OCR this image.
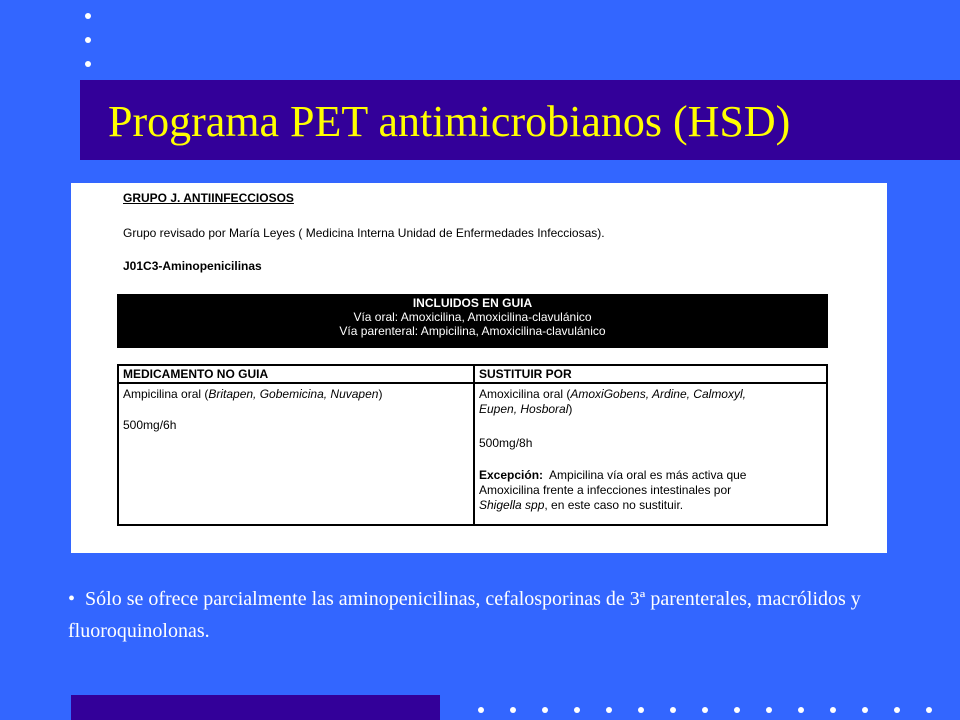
Programa PET antimicrobianos (HSD)
GRUPO J. ANTIINFECCIOSOS
Grupo revisado por María Leyes ( Medicina Interna Unidad de Enfermedades Infecciosas).
J01C3-Aminopenicilinas
INCLUIDOS EN GUIA
Vía oral: Amoxicilina, Amoxicilina-clavulánico
Vía parenteral: Ampicilina, Amoxicilina-clavulánico
MEDICAMENTO NO GUIA	SUSTITUIR POR
Ampicilina oral (Britapen, Gobemicina, Nuvapen)
500mg/6h
Amoxicilina oral (AmoxiGobens, Ardine, Calmoxyl,
Eupen, Hosboral)
500mg/8h
Excepción: Ampicilina vía oral es más activa que
Amoxicilina frente a infecciones intestinales por
Shigella spp, en este caso no sustituir.
• Sólo se ofrece parcialmente las aminopenicilinas, cefalosporinas de 3ª parenterales, macrólidos y fluoroquinolonas.
